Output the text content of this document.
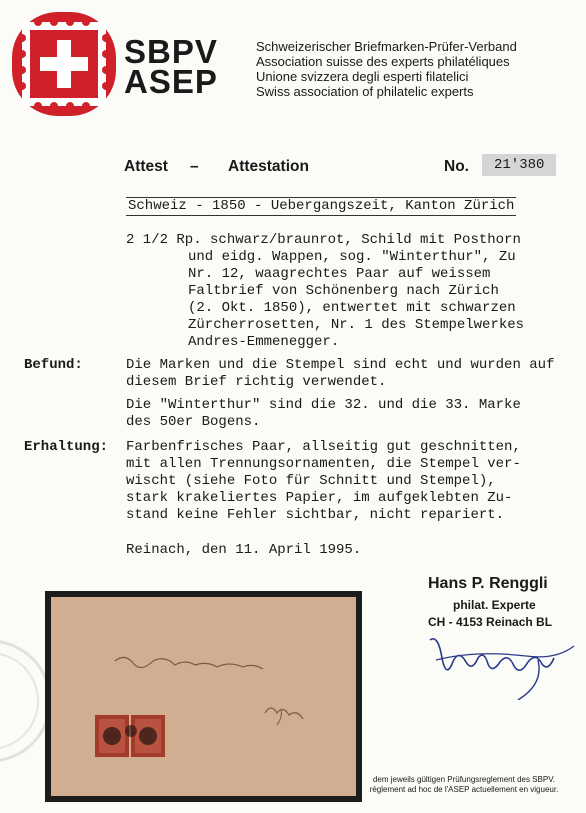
SBPV
ASEP
Schweizerischer Briefmarken-Prüfer-Verband
Association suisse des experts philatéliques
Unione svizzera degli esperti filatelici
Swiss association of philatelic experts
Attest – Attestation	No.	21'380
Schweiz - 1850 - Uebergangszeit, Kanton Zürich
2 1/2 Rp. schwarz/braunrot, Schild mit Posthorn
und eidg. Wappen, sog. "Winterthur", Zu
Nr. 12, waagrechtes Paar auf weissem
Faltbrief von Schönenberg nach Zürich
(2. Okt. 1850), entwertet mit schwarzen
Zürcherrosetten, Nr. 1 des Stempelwerkes
Andres-Emmenegger.
Befund:	Die Marken und die Stempel sind echt und wurden auf
diesem Brief richtig verwendet.
Die "Winterthur" sind die 32. und die 33. Marke
des 50er Bogens.
Erhaltung: Farbenfrisches Paar, allseitig gut geschnitten,
mit allen Trennungsornamenten, die Stempel ver-
wischt (siehe Foto für Schnitt und Stempel),
stark krakeliertes Papier, im aufgeklebten Zu-
stand keine Fehler sichtbar, nicht repariert.
Reinach, den 11. April 1995.
Hans P. Renggli
philat. Experte
CH - 4153 Reinach BL
dem jeweils gültigen Prüfungsreglement des SBPV.
règlement ad hoc de l'ASEP actuellement en vigueur.
